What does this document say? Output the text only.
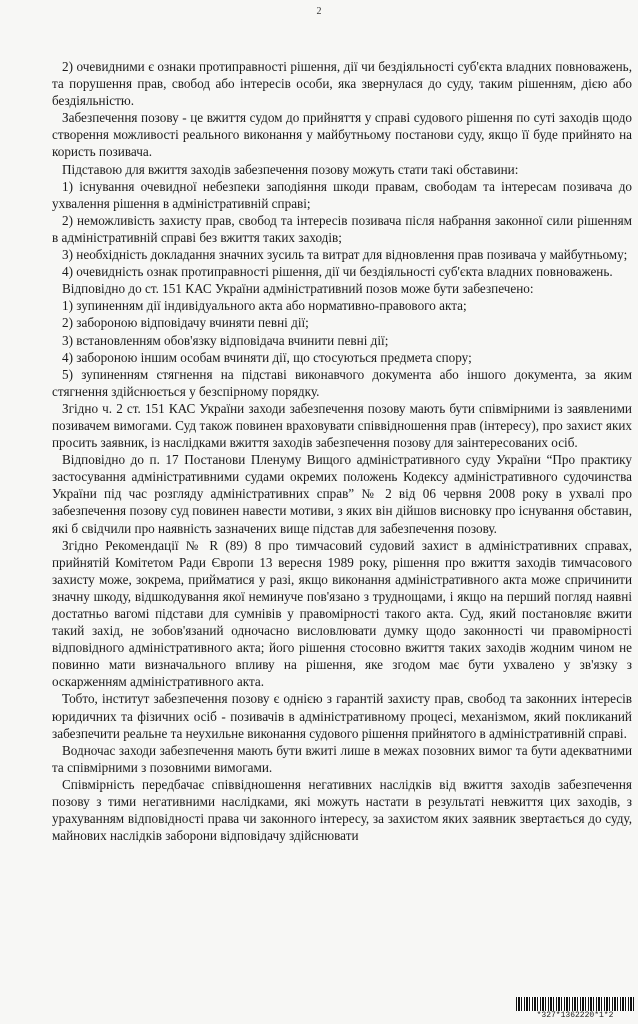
2

2) очевидними є ознаки протиправності рішення, дії чи бездіяльності суб'єкта владних повноважень, та порушення прав, свобод або інтересів особи, яка звернулася до суду, таким рішенням, дією або бездіяльністю.

Забезпечення позову - це вжиття судом до прийняття у справі судового рішення по суті заходів щодо створення можливості реального виконання у майбутньому постанови суду, якщо її буде прийнято на користь позивача.

Підставою для вжиття заходів забезпечення позову можуть стати такі обставини:

1) існування очевидної небезпеки заподіяння шкоди правам, свободам та інтересам позивача до ухвалення рішення в адміністративній справі;

2) неможливість захисту прав, свобод та інтересів позивача після набрання законної сили рішенням в адміністративній справі без вжиття таких заходів;

3) необхідність докладання значних зусиль та витрат для відновлення прав позивача у майбутньому;

4) очевидність ознак протиправності рішення, дії чи бездіяльності суб'єкта владних повноважень.

Відповідно до ст. 151 КАС України адміністративний позов може бути забезпечено:

1) зупиненням дії індивідуального акта або нормативно-правового акта;

2) забороною відповідачу вчиняти певні дії;

3) встановленням обов'язку відповідача вчинити певні дії;

4) забороною іншим особам вчиняти дії, що стосуються предмета спору;

5) зупиненням стягнення на підставі виконавчого документа або іншого документа, за яким стягнення здійснюється у безспірному порядку.

Згідно ч. 2 ст. 151 КАС України заходи забезпечення позову мають бути співмірними із заявленими позивачем вимогами. Суд також повинен враховувати співвідношення прав (інтересу), про захист яких просить заявник, із наслідками вжиття заходів забезпечення позову для заінтересованих осіб.

Відповідно до п. 17 Постанови Пленуму Вищого адміністративного суду України “Про практику застосування адміністративними судами окремих положень Кодексу адміністративного судочинства України під час розгляду адміністративних справ” № 2 від 06 червня 2008 року в ухвалі про забезпечення позову суд повинен навести мотиви, з яких він дійшов висновку про існування обставин, які б свідчили про наявність зазначених вище підстав для забезпечення позову.

Згідно Рекомендації № R (89) 8 про тимчасовий судовий захист в адміністративних справах, прийнятій Комітетом Ради Європи 13 вересня 1989 року, рішення про вжиття заходів тимчасового захисту може, зокрема, прийматися у разі, якщо виконання адміністративного акта може спричинити значну шкоду, відшкодування якої неминуче пов'язано з труднощами, і якщо на перший погляд наявні достатньо вагомі підстави для сумнівів у правомірності такого акта. Суд, який постановляє вжити такий захід, не зобов'язаний одночасно висловлювати думку щодо законності чи правомірності відповідного адміністративного акта; його рішення стосовно вжиття таких заходів жодним чином не повинно мати визначального впливу на рішення, яке згодом має бути ухвалено у зв'язку з оскарженням адміністративного акта.

Тобто, інститут забезпечення позову є однією з гарантій захисту прав, свобод та законних інтересів юридичних та фізичних осіб - позивачів в адміністративному процесі, механізмом, який покликаний забезпечити реальне та неухильне виконання судового рішення прийнятого в адміністративній справі.

Водночас заходи забезпечення мають бути вжиті лише в межах позовних вимог та бути адекватними та співмірними з позовними вимогами.

Співмірність передбачає співвідношення негативних наслідків від вжиття заходів забезпечення позову з тими негативними наслідками, які можуть настати в результаті невжиття цих заходів, з урахуванням відповідності права чи законного інтересу, за захистом яких заявник звертається до суду, майнових наслідків заборони відповідачу здійснювати

*327*1362220*1*2
